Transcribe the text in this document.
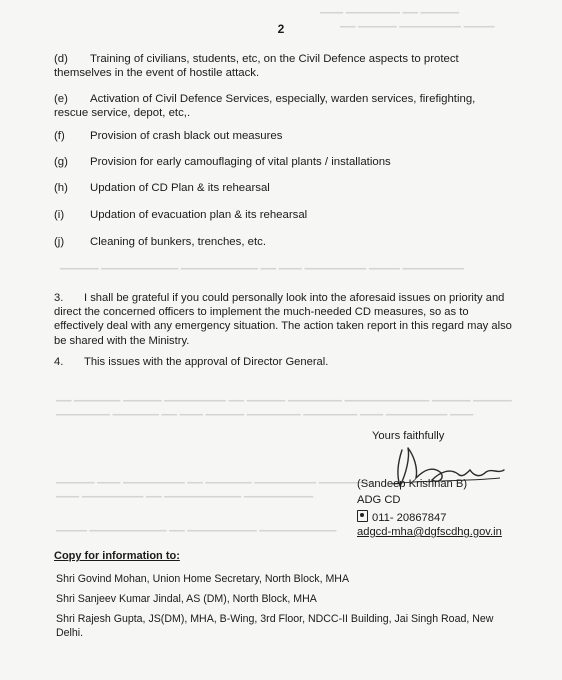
▁▁▁ ▁▁▁▁▁▁▁ ▁▁ ▁▁▁▁▁
▁▁ ▁▁▁▁▁ ▁▁▁▁▁▁▁▁ ▁▁▁▁
▁▁▁▁▁ ▁▁▁▁▁▁▁▁▁▁ ▁▁▁▁▁▁▁▁▁▁ ▁▁ ▁▁▁ ▁▁▁▁▁▁▁▁ ▁▁▁▁ ▁▁▁▁▁▁▁▁
▁▁ ▁▁▁▁▁▁ ▁▁▁▁▁ ▁▁▁▁▁▁▁▁ ▁▁ ▁▁▁▁▁ ▁▁▁▁▁▁▁ ▁▁▁▁▁▁▁▁▁▁▁ ▁▁▁▁▁ ▁▁▁▁▁
▁▁▁▁▁▁▁ ▁▁▁▁▁▁ ▁▁ ▁▁▁ ▁▁▁▁▁ ▁▁▁▁▁▁▁ ▁▁▁▁▁▁▁ ▁▁▁ ▁▁▁▁▁▁▁▁ ▁▁▁
▁▁▁▁▁ ▁▁▁ ▁▁▁▁▁▁▁▁ ▁▁ ▁▁▁▁▁▁ ▁▁▁▁▁▁▁▁ ▁▁▁▁▁▁▁
▁▁▁ ▁▁▁▁▁▁▁▁ ▁▁ ▁▁▁▁▁▁▁▁▁▁ ▁▁▁▁▁▁▁▁▁
▁▁▁▁ ▁▁▁▁▁▁▁▁▁▁ ▁▁ ▁▁▁▁▁▁▁▁▁ ▁▁▁▁▁▁▁▁▁▁
2
(d) Training of civilians, students, etc, on the Civil Defence aspects to protect themselves in the event of hostile attack.
(e) Activation of Civil Defence Services, especially, warden services, firefighting, rescue service, depot, etc,.
(f) Provision of crash black out measures
(g) Provision for early camouflaging of vital plants / installations
(h) Updation of CD Plan & its rehearsal
(i) Updation of evacuation plan & its rehearsal
(j) Cleaning of bunkers, trenches, etc.
3. I shall be grateful if you could personally look into the aforesaid issues on priority and direct the concerned officers to implement the much-needed CD measures, so as to effectively deal with any emergency situation. The action taken report in this regard may also be shared with the Ministry.
4. This issues with the approval of Director General.
Yours faithfully
(Sandeep Krishnan B)
ADG CD
011- 20867847
adgcd-mha@dgfscdhg.gov.in
Copy for information to:
Shri Govind Mohan, Union Home Secretary, North Block, MHA
Shri Sanjeev Kumar Jindal, AS (DM), North Block, MHA
Shri Rajesh Gupta, JS(DM), MHA, B-Wing, 3rd Floor, NDCC-II Building, Jai Singh Road, New Delhi.
